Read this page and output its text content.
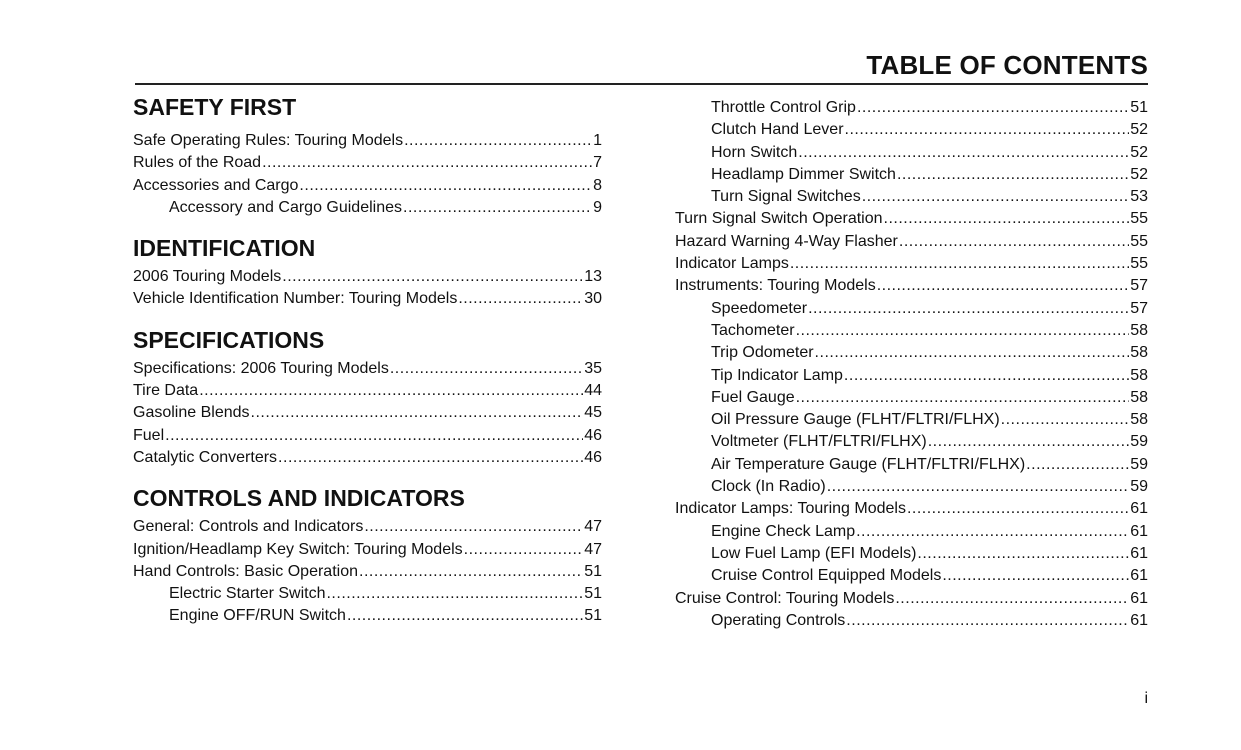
TABLE OF CONTENTS
SAFETY FIRST
Safe Operating Rules: Touring Models .....	1
Rules of the Road .....	7
Accessories and Cargo .....	8
Accessory and Cargo Guidelines .....	9
IDENTIFICATION
2006 Touring Models .....	13
Vehicle Identification Number: Touring Models .....	30
SPECIFICATIONS
Specifications: 2006 Touring Models .....	35
Tire Data .....	44
Gasoline Blends .....	45
Fuel .....	46
Catalytic Converters .....	46
CONTROLS AND INDICATORS
General: Controls and Indicators .....	47
Ignition/Headlamp Key Switch: Touring Models .....	47
Hand Controls: Basic Operation .....	51
Electric Starter Switch .....	51
Engine OFF/RUN Switch .....	51
Throttle Control Grip .....	51
Clutch Hand Lever .....	52
Horn Switch .....	52
Headlamp Dimmer Switch .....	52
Turn Signal Switches .....	53
Turn Signal Switch Operation .....	55
Hazard Warning 4-Way Flasher .....	55
Indicator Lamps .....	55
Instruments: Touring Models .....	57
Speedometer .....	57
Tachometer .....	58
Trip Odometer .....	58
Tip Indicator Lamp .....	58
Fuel Gauge .....	58
Oil Pressure Gauge (FLHT/FLTRI/FLHX) .....	58
Voltmeter (FLHT/FLTRI/FLHX) .....	59
Air Temperature Gauge (FLHT/FLTRI/FLHX) .....	59
Clock (In Radio) .....	59
Indicator Lamps: Touring Models .....	61
Engine Check Lamp .....	61
Low Fuel Lamp (EFI Models) .....	61
Cruise Control Equipped Models .....	61
Cruise Control: Touring Models .....	61
Operating Controls .....	61
i
